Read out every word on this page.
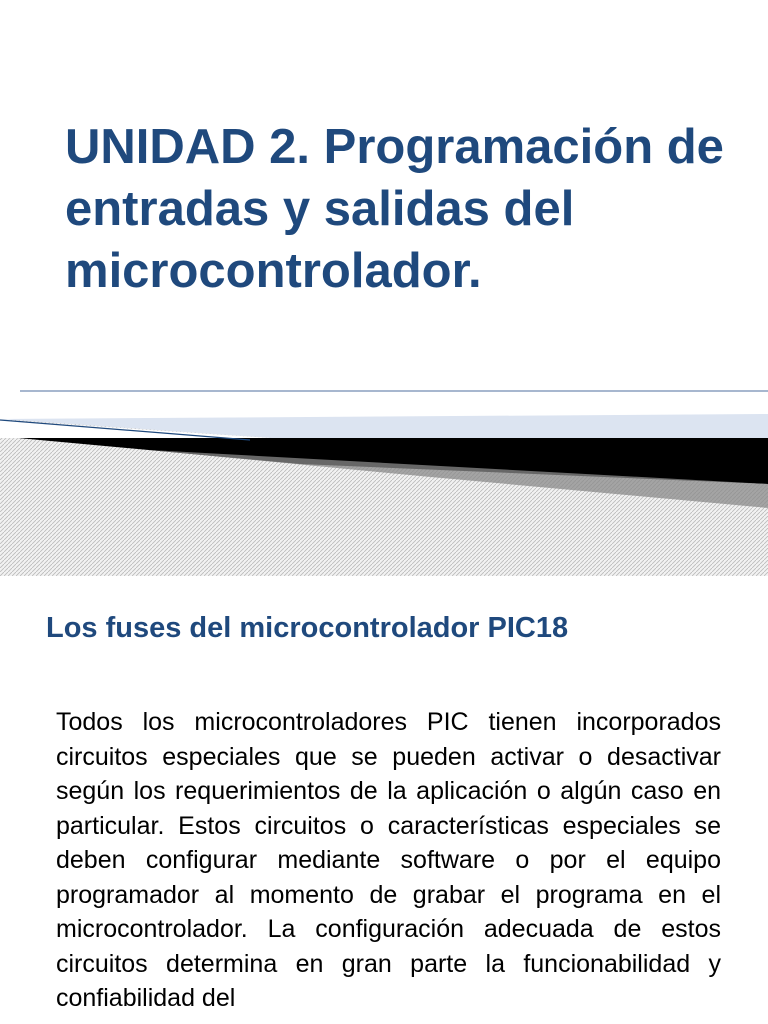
UNIDAD 2. Programación de entradas y salidas del microcontrolador.
Los fuses del microcontrolador PIC18

Todos los microcontroladores PIC tienen incorporados circuitos especiales que se pueden activar o desactivar según los requerimientos de la aplicación o algún caso en particular. Estos circuitos o características especiales se deben configurar mediante software o por el equipo programador al momento de grabar el programa en el microcontrolador. La configuración adecuada de estos circuitos determina en gran parte la funcionabilidad y confiabilidad del
